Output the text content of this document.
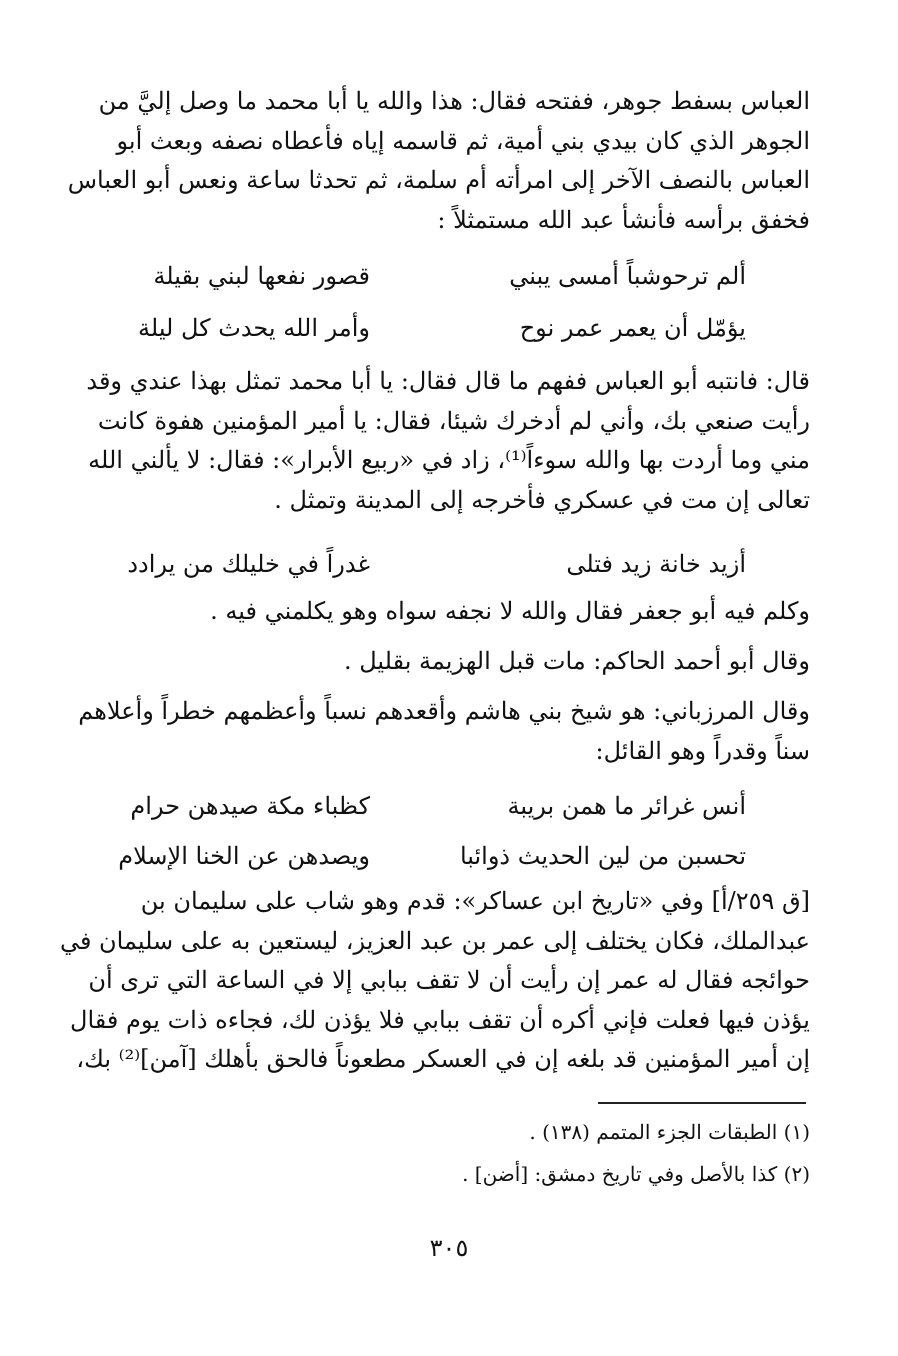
العباس بسفط جوهر، ففتحه فقال: هذا والله يا أبا محمد ما وصل إليَّ من
الجوهر الذي كان بيدي بني أمية، ثم قاسمه إياه فأعطاه نصفه وبعث أبو
العباس بالنصف الآخر إلى امرأته أم سلمة، ثم تحدثا ساعة ونعس أبو العباس
فخفق برأسه فأنشأ عبد الله مستمثلاً :
ألم ترحوشباً أمسى يبني
قصور نفعها لبني بقيلة
يؤمّل أن يعمر عمر نوح
وأمر الله يحدث كل ليلة
قال: فانتبه أبو العباس ففهم ما قال فقال: يا أبا محمد تمثل بهذا عندي وقد
رأيت صنعي بك، وأني لم أدخرك شيئا، فقال: يا أمير المؤمنين هفوة كانت
مني وما أردت بها والله سوءاً⁽¹⁾، زاد في «ربيع الأبرار»: فقال: لا يألني الله
تعالى إن مت في عسكري فأخرجه إلى المدينة وتمثل .
أزيد خانة زيد فتلى
غدراً في خليلك من يرادد
وكلم فيه أبو جعفر فقال والله لا نجفه سواه وهو يكلمني فيه .
وقال أبو أحمد الحاكم: مات قبل الهزيمة بقليل .
وقال المرزباني: هو شيخ بني هاشم وأقعدهم نسباً وأعظمهم خطراً وأعلاهم
سناً وقدراً وهو القائل:
أنس غرائر ما همن بريبة
كظباء مكة صيدهن حرام
تحسبن من لين الحديث ذوائبا
ويصدهن عن الخنا الإسلام
[ق ٢٥٩/أ] وفي «تاريخ ابن عساكر»: قدم وهو شاب على سليمان بن
عبدالملك، فكان يختلف إلى عمر بن عبد العزيز، ليستعين به على سليمان في
حوائجه فقال له عمر إن رأيت أن لا تقف ببابي إلا في الساعة التي ترى أن
يؤذن فيها فعلت فإني أكره أن تقف ببابي فلا يؤذن لك، فجاءه ذات يوم فقال
إن أمير المؤمنين قد بلغه إن في العسكر مطعوناً فالحق بأهلك [آمن]⁽²⁾ بك،
(١) الطبقات الجزء المتمم (١٣٨) .
(٢) كذا بالأصل وفي تاريخ دمشق: [أضن] .
٣٠٥
